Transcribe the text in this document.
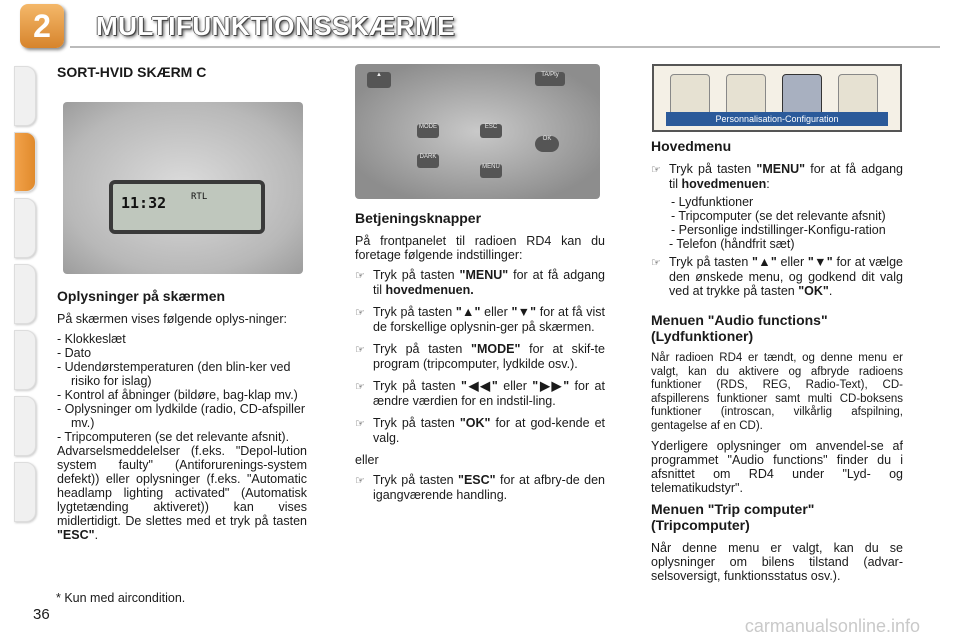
2	MULTIFUNKTIONSSKÆRME
SORT-HVID SKÆRM C
11:32	RTL
Oplysninger på skærmen

På skærmen vises følgende oplys-ninger:

- Klokkeslæt
- Dato
- Udendørstemperaturen (den blin-ker ved risiko for islag)
- Kontrol af åbninger (bildøre, bag-klap mv.)
- Oplysninger om lydkilde (radio, CD-afspiller mv.)
- Tripcomputeren (se det relevante afsnit).

Advarselsmeddelelser (f.eks. "Depol-lution system faulty" (Antiforurenings-system defekt)) eller oplysninger (f.eks. "Automatic headlamp lighting activated" (Automatisk lygtetænding aktiveret)) kan vises midlertidigt. De slettes med et tryk på tasten "ESC".

* Kun med aircondition.
36
▲
MODE
DARK
ESC
MENU
OK
TA/Pty
Betjeningsknapper

På frontpanelet til radioen RD4 kan du foretage følgende indstillinger:

☞ Tryk på tasten "MENU" for at få adgang til hovedmenuen.
☞ Tryk på tasten "▲" eller "▼" for at få vist de forskellige oplysnin-ger på skærmen.
☞ Tryk på tasten "MODE" for at skif-te program (tripcomputer, lydkilde osv.).
☞ Tryk på tasten "◀◀" eller "▶▶" for at ændre værdien for en indstil-ling.
☞ Tryk på tasten "OK" for at god-kende et valg.

eller

☞ Tryk på tasten "ESC" for at afbry-de den igangværende handling.
Personnalisation-Configuration
Hovedmenu
☞ Tryk på tasten "MENU" for at få adgang til hovedmenuen:
- Lydfunktioner
- Tripcomputer (se det relevante afsnit)
- Personlige indstillinger-Konfigu-ration
- Telefon (håndfrit sæt)
☞ Tryk på tasten "▲" eller "▼" for at vælge den ønskede menu, og godkend dit valg ved at trykke på tasten "OK".
Menuen "Audio functions" (Lydfunktioner)

Når radioen RD4 er tændt, og denne menu er valgt, kan du aktivere og afbryde radioens funktioner (RDS, REG, Radio-Text), CD-afspillerens funktioner samt multi CD-boksens funktioner (introscan, vilkårlig afspilning, gentagelse af en CD).

Yderligere oplysninger om anvendel-se af programmet "Audio functions" finder du i afsnittet om RD4 under "Lyd- og telematikudstyr".

Menuen "Trip computer" (Tripcomputer)

Når denne menu er valgt, kan du se oplysninger om bilens tilstand (advar-selsoversigt, funktionsstatus osv.).

carmanualsonline.info
